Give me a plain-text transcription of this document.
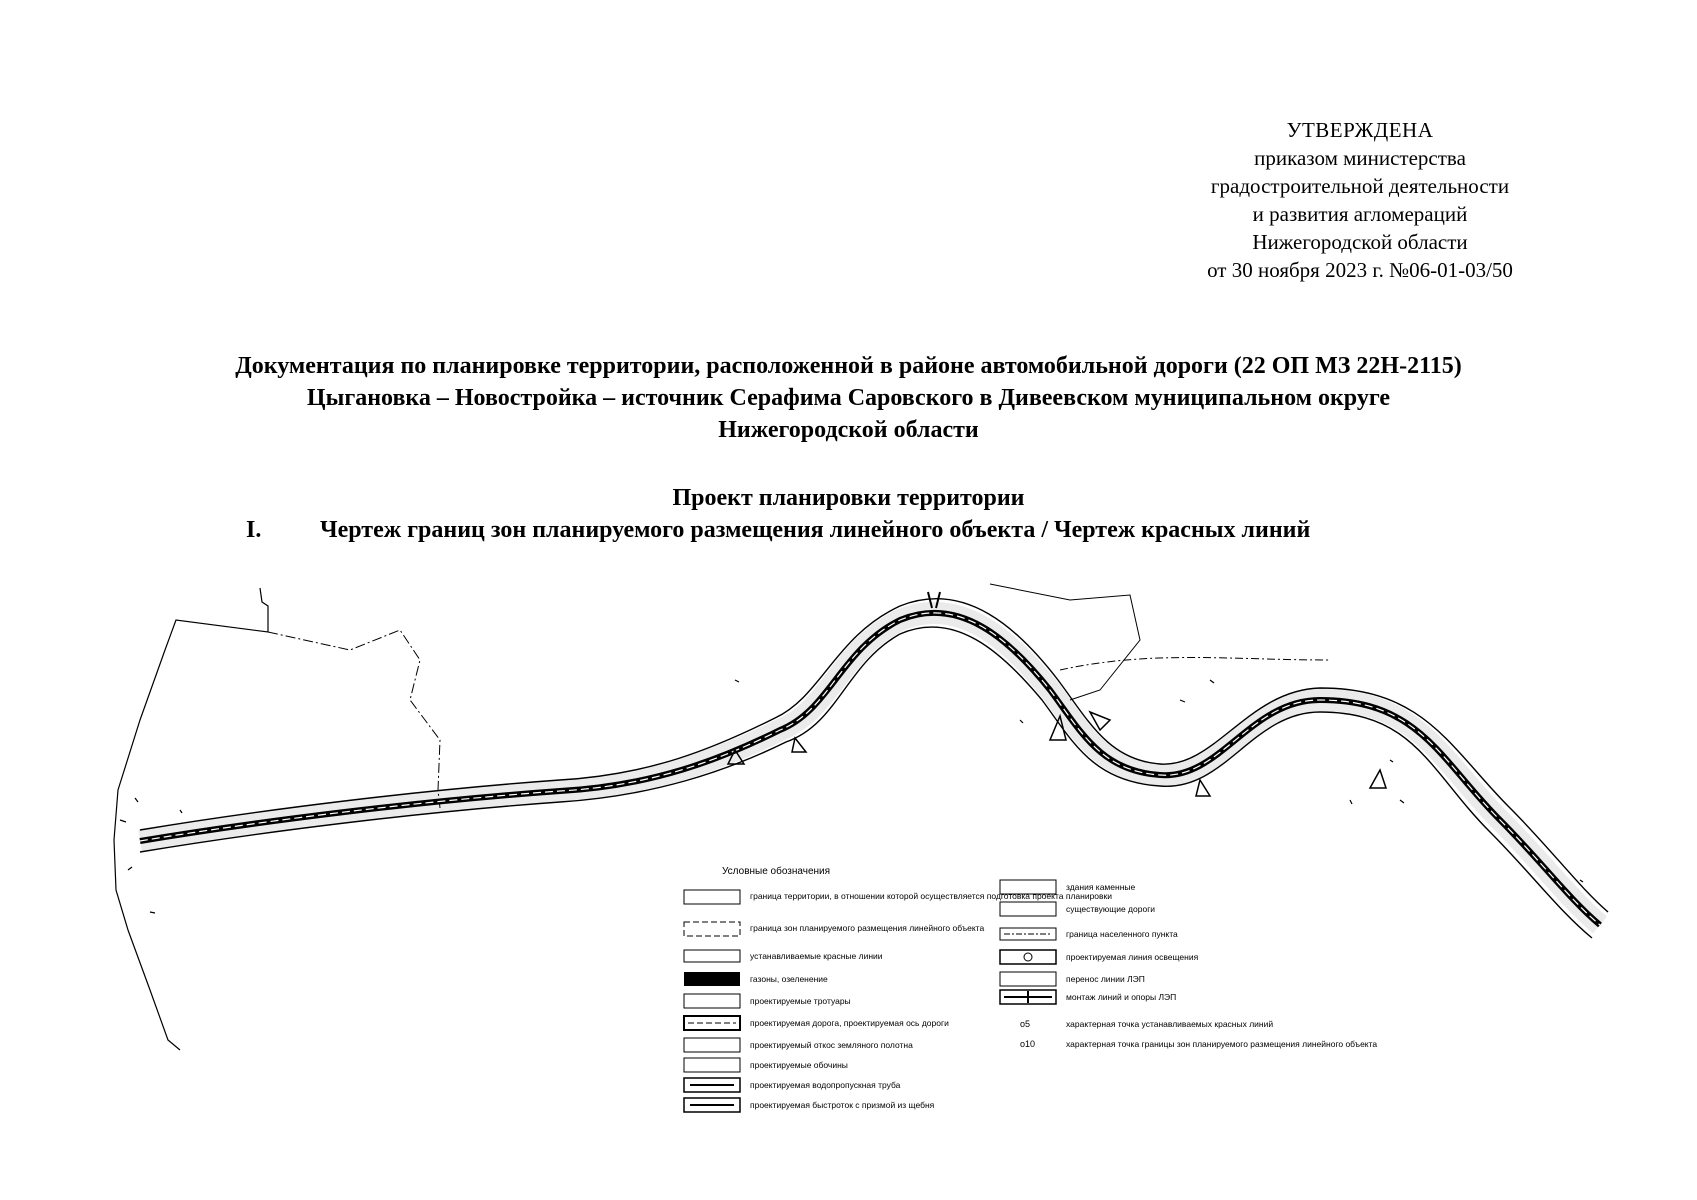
УТВЕРЖДЕНА
приказом министерства
градостроительной деятельности
и развития агломераций
Нижегородской области
от 30 ноября 2023 г. №06-01-03/50
Документация по планировке территории, расположенной в районе автомобильной дороги (22 ОП МЗ 22Н-2115)
Цыгановка – Новостройка – источник Серафима Саровского в Дивеевском муниципальном округе
Нижегородской области
Проект планировки территории
I. Чертеж границ зон планируемого размещения линейного объекта / Чертеж красных линий
Условные обозначения
граница территории, в отношении которой осуществляется подготовка проекта планировки
граница зон планируемого размещения линейного объекта
устанавливаемые красные линии
газоны, озеленение
проектируемые тротуары
проектируемая дорога, проектируемая ось дороги
проектируемый откос земляного полотна
проектируемые обочины
проектируемая водопропускная труба
проектируемая быстроток с призмой из щебня
здания каменные
существующие дороги
граница населенного пункта
проектируемая линия освещения
перенос линии ЛЭП
монтаж линий и опоры ЛЭП
о5	характерная точка устанавливаемых красных линий
о10	характерная точка границы зон планируемого размещения линейного объекта
